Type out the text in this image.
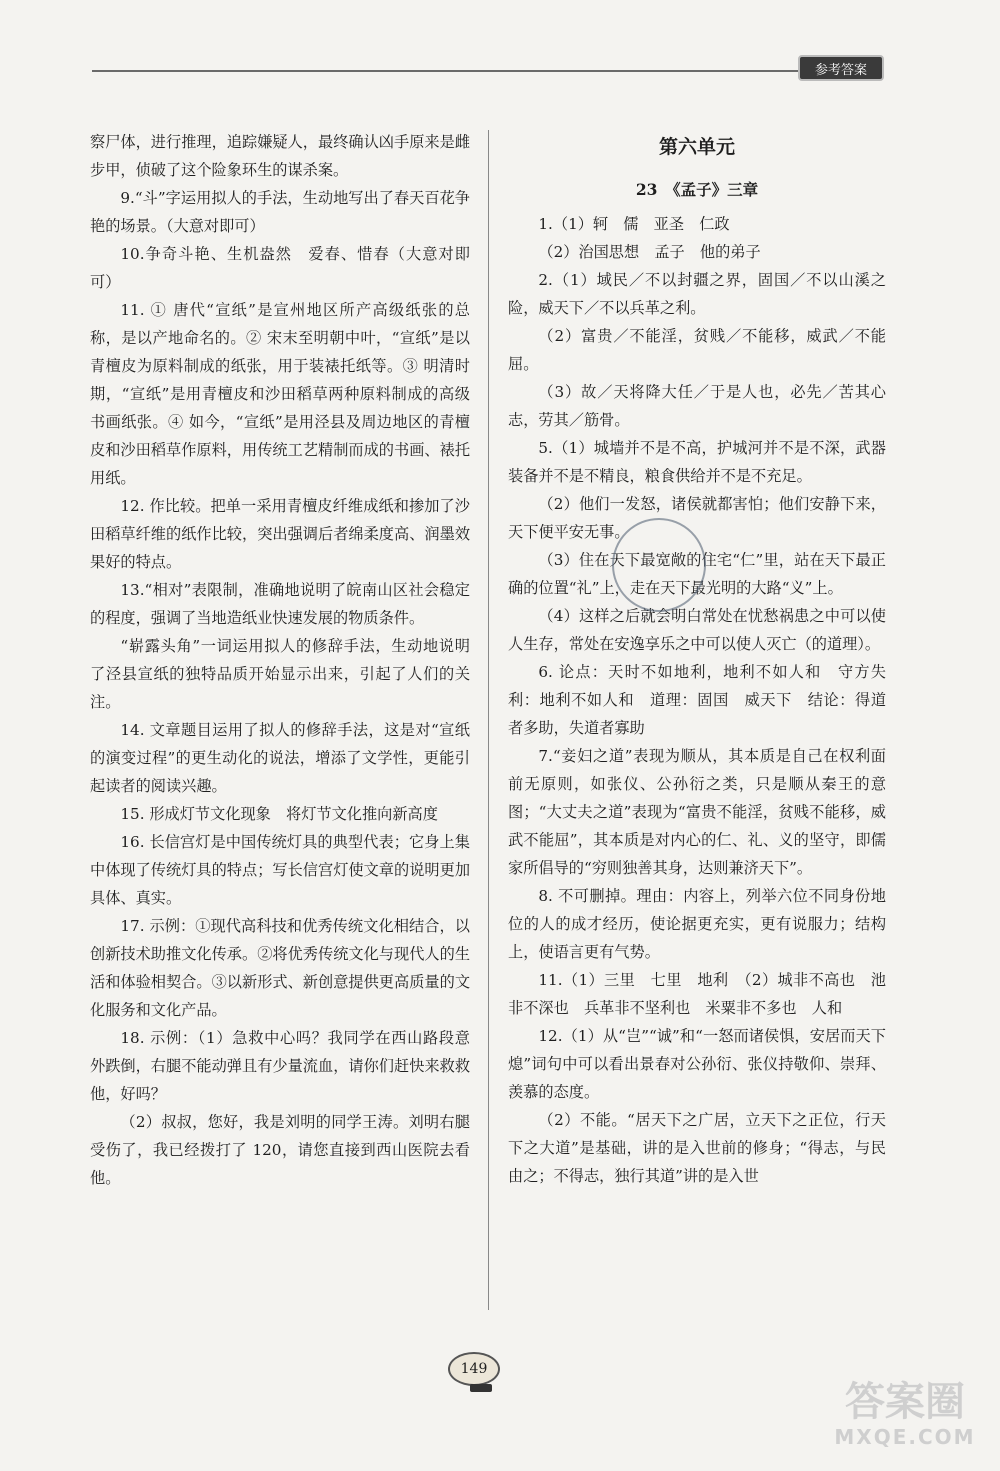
参考答案

察尸体，进行推理，追踪嫌疑人，最终确认凶手原来是雌步甲，侦破了这个险象环生的谋杀案。

9.“斗”字运用拟人的手法，生动地写出了春天百花争艳的场景。（大意对即可）

10.争奇斗艳、生机盎然　爱春、惜春（大意对即可）

11. ① 唐代“宣纸”是宣州地区所产高级纸张的总称，是以产地命名的。② 宋末至明朝中叶，“宣纸”是以青檀皮为原料制成的纸张，用于装裱托纸等。③ 明清时期，“宣纸”是用青檀皮和沙田稻草两种原料制成的高级书画纸张。④ 如今，“宣纸”是用泾县及周边地区的青檀皮和沙田稻草作原料，用传统工艺精制而成的书画、裱托用纸。

12. 作比较。把单一采用青檀皮纤维成纸和掺加了沙田稻草纤维的纸作比较，突出强调后者绵柔度高、润墨效果好的特点。

13.“相对”表限制，准确地说明了皖南山区社会稳定的程度，强调了当地造纸业快速发展的物质条件。

“崭露头角”一词运用拟人的修辞手法，生动地说明了泾县宣纸的独特品质开始显示出来，引起了人们的关注。

14. 文章题目运用了拟人的修辞手法，这是对“宣纸的演变过程”的更生动化的说法，增添了文学性，更能引起读者的阅读兴趣。

15. 形成灯节文化现象　将灯节文化推向新高度

16. 长信宫灯是中国传统灯具的典型代表；它身上集中体现了传统灯具的特点；写长信宫灯使文章的说明更加具体、真实。

17. 示例：①现代高科技和优秀传统文化相结合，以创新技术助推文化传承。②将优秀传统文化与现代人的生活和体验相契合。③以新形式、新创意提供更高质量的文化服务和文化产品。

18. 示例：（1）急救中心吗？我同学在西山路段意外跌倒，右腿不能动弹且有少量流血，请你们赶快来救救他，好吗？

（2）叔叔，您好，我是刘明的同学王涛。刘明右腿受伤了，我已经拨打了 120，请您直接到西山医院去看他。

第六单元
23　《孟子》三章

1.（1）轲　儒　亚圣　仁政

（2）治国思想　孟子　他的弟子

2.（1）域民／不以封疆之界，固国／不以山溪之险，威天下／不以兵革之利。

（2）富贵／不能淫，贫贱／不能移，威武／不能屈。

（3）故／天将降大任／于是人也，必先／苦其心志，劳其／筋骨。

5.（1）城墙并不是不高，护城河并不是不深，武器装备并不是不精良，粮食供给并不是不充足。

（2）他们一发怒，诸侯就都害怕；他们安静下来，天下便平安无事。

（3）住在天下最宽敞的住宅“仁”里，站在天下最正确的位置“礼”上，走在天下最光明的大路“义”上。

（4）这样之后就会明白常处在忧愁祸患之中可以使人生存，常处在安逸享乐之中可以使人灭亡（的道理）。

6. 论点：天时不如地利，地利不如人和　守方失利：地利不如人和　道理：固国　威天下　结论：得道者多助，失道者寡助

7.“妾妇之道”表现为顺从，其本质是自己在权利面前无原则，如张仪、公孙衍之类，只是顺从秦王的意图；“大丈夫之道”表现为“富贵不能淫，贫贱不能移，威武不能屈”，其本质是对内心的仁、礼、义的坚守，即儒家所倡导的“穷则独善其身，达则兼济天下”。

8. 不可删掉。理由：内容上，列举六位不同身份地位的人的成才经历，使论据更充实，更有说服力；结构上，使语言更有气势。

11.（1）三里　七里　地利　（2）城非不高也　池非不深也　兵革非不坚利也　米粟非不多也　人和

12.（1）从“岂”“诚”和“一怒而诸侯惧，安居而天下熄”词句中可以看出景春对公孙衍、张仪持敬仰、崇拜、羡慕的态度。

（2）不能。“居天下之广居，立天下之正位，行天下之大道”是基础，讲的是入世前的修身；“得志，与民由之；不得志，独行其道”讲的是入世

149
答案圈
MXQE.COM
